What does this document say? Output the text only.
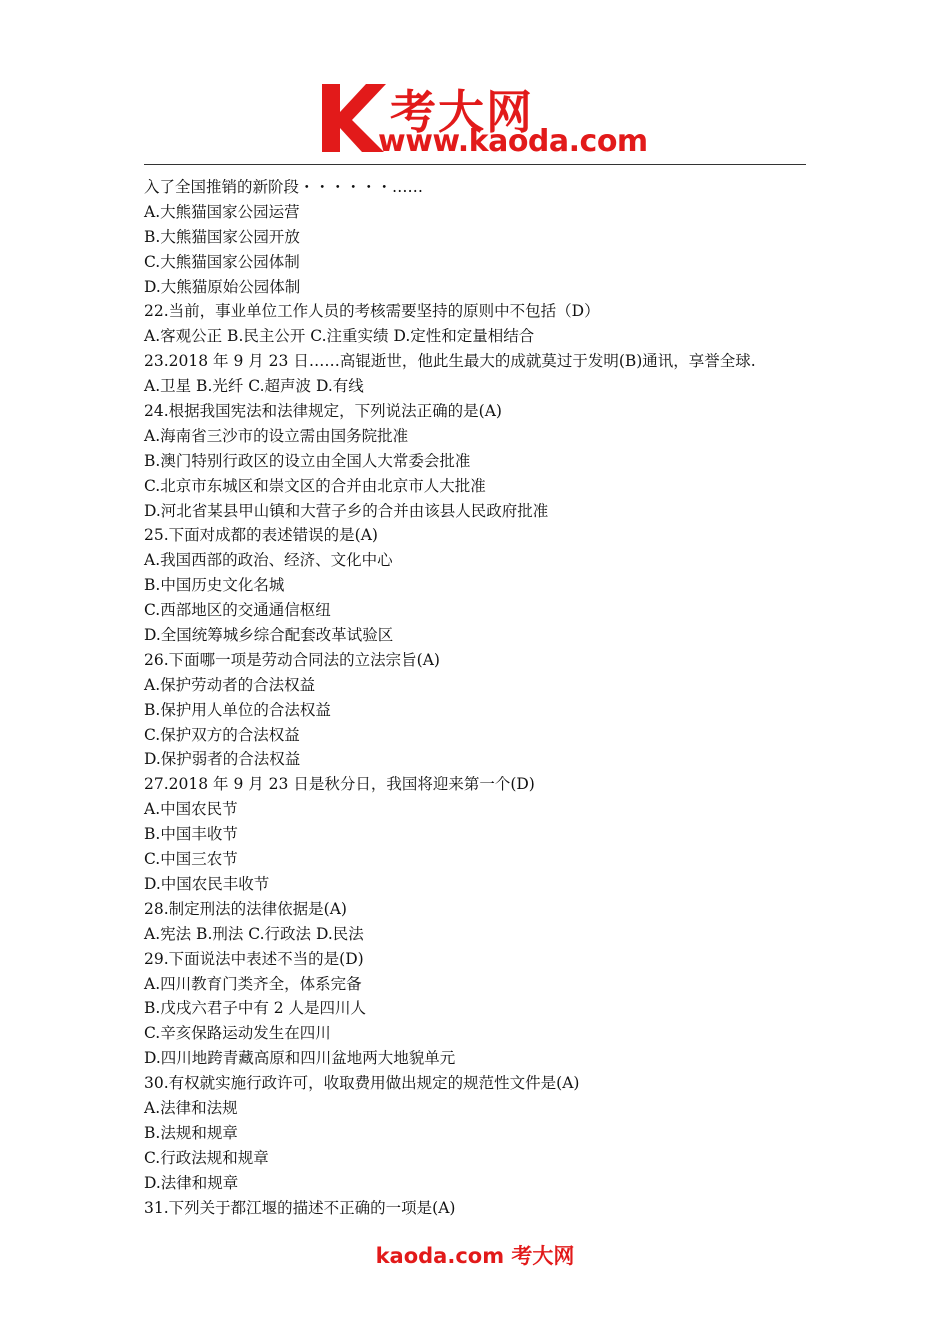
考大网
www.kaoda.com
入了全国推销的新阶段・・・・・・……
A.大熊猫国家公园运营
B.大熊猫国家公园开放
C.大熊猫国家公园体制
D.大熊猫原始公园体制
22.当前，事业单位工作人员的考核需要坚持的原则中不包括（D）
A.客观公正 B.民主公开 C.注重实绩 D.定性和定量相结合
23.2018 年 9 月 23 日……高锟逝世，他此生最大的成就莫过于发明(B)通讯，享誉全球.
A.卫星 B.光纤 C.超声波 D.有线
24.根据我国宪法和法律规定，下列说法正确的是(A)
A.海南省三沙市的设立需由国务院批准
B.澳门特别行政区的设立由全国人大常委会批准
C.北京市东城区和崇文区的合并由北京市人大批准
D.河北省某县甲山镇和大营子乡的合并由该县人民政府批准
25.下面对成都的表述错误的是(A)
A.我国西部的政治、经济、文化中心
B.中国历史文化名城
C.西部地区的交通通信枢纽
D.全国统筹城乡综合配套改革试验区
26.下面哪一项是劳动合同法的立法宗旨(A)
A.保护劳动者的合法权益
B.保护用人单位的合法权益
C.保护双方的合法权益
D.保护弱者的合法权益
27.2018 年 9 月 23 日是秋分日，我国将迎来第一个(D)
A.中国农民节
B.中国丰收节
C.中国三农节
D.中国农民丰收节
28.制定刑法的法律依据是(A)
A.宪法 B.刑法 C.行政法 D.民法
29.下面说法中表述不当的是(D)
A.四川教育门类齐全，体系完备
B.戊戌六君子中有 2 人是四川人
C.辛亥保路运动发生在四川
D.四川地跨青藏高原和四川盆地两大地貌单元
30.有权就实施行政许可，收取费用做出规定的规范性文件是(A)
A.法律和法规
B.法规和规章
C.行政法规和规章
D.法律和规章
31.下列关于都江堰的描述不正确的一项是(A)
kaoda.com 考大网
